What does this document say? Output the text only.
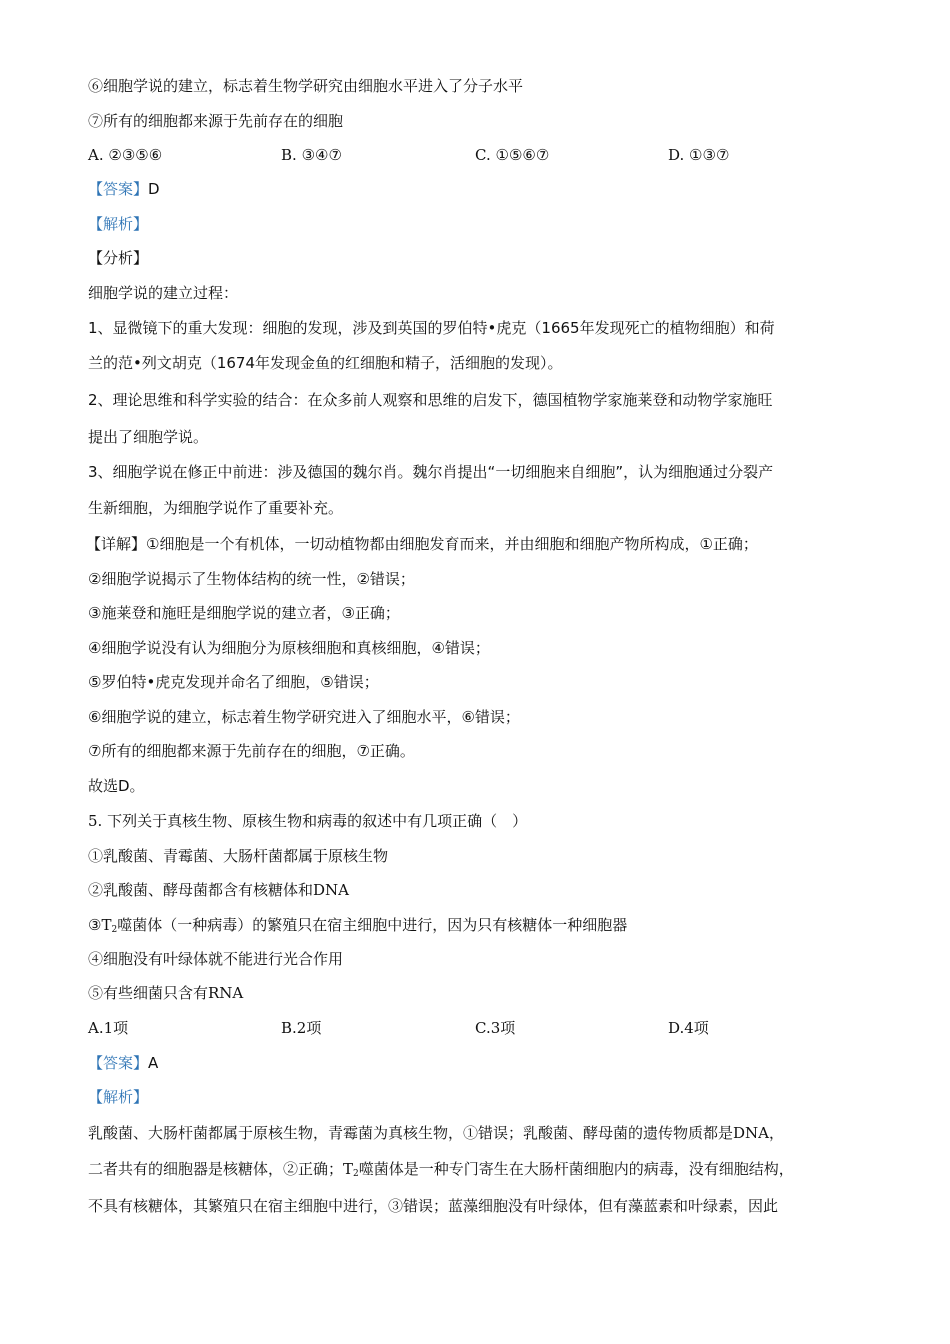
⑥细胞学说的建立，标志着生物学研究由细胞水平进入了分子水平
⑦所有的细胞都来源于先前存在的细胞
A. ②③⑤⑥	B. ③④⑦	C. ①⑤⑥⑦	D. ①③⑦
【答案】D
【解析】
【分析】
细胞学说的建立过程：
1、显微镜下的重大发现：细胞的发现，涉及到英国的罗伯特•虎克（1665年发现死亡的植物细胞）和荷
兰的范•列文胡克（1674年发现金鱼的红细胞和精子，活细胞的发现）。
2、理论思维和科学实验的结合：在众多前人观察和思维的启发下，德国植物学家施莱登和动物学家施旺
提出了细胞学说。
3、细胞学说在修正中前进：涉及德国的魏尔肖。魏尔肖提出“一切细胞来自细胞”，认为细胞通过分裂产
生新细胞，为细胞学说作了重要补充。
【详解】①细胞是一个有机体，一切动植物都由细胞发育而来，并由细胞和细胞产物所构成，①正确；
②细胞学说揭示了生物体结构的统一性，②错误；
③施莱登和施旺是细胞学说的建立者，③正确；
④细胞学说没有认为细胞分为原核细胞和真核细胞，④错误；
⑤罗伯特•虎克发现并命名了细胞，⑤错误；
⑥细胞学说的建立，标志着生物学研究进入了细胞水平，⑥错误；
⑦所有的细胞都来源于先前存在的细胞，⑦正确。
故选D。
5. 下列关于真核生物、原核生物和病毒的叙述中有几项正确（　）
①乳酸菌、青霉菌、大肠杆菌都属于原核生物
②乳酸菌、酵母菌都含有核糖体和DNA
$③T_2$噬菌体（一种病毒）的繁殖只在宿主细胞中进行，因为只有核糖体一种细胞器
④细胞没有叶绿体就不能进行光合作用
⑤有些细菌只含有RNA
A.1项	B.2项	C.3项	D.4项
【答案】A
【解析】
乳酸菌、大肠杆菌都属于原核生物，青霉菌为真核生物，①错误；乳酸菌、酵母菌的遗传物质都是DNA，
二者共有的细胞器是核糖体，②正确；$T_2$噬菌体是一种专门寄生在大肠杆菌细胞内的病毒，没有细胞结构，
不具有核糖体，其繁殖只在宿主细胞中进行，③错误；蓝藻细胞没有叶绿体，但有藻蓝素和叶绿素，因此
